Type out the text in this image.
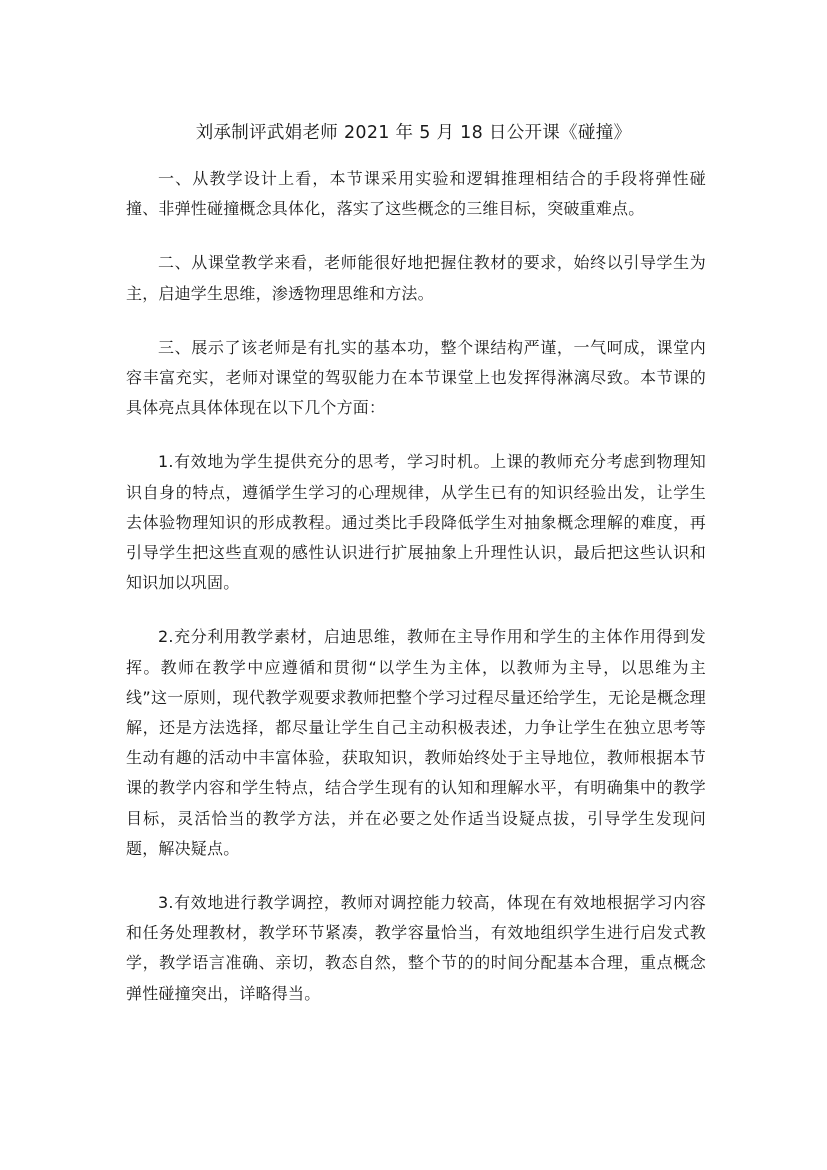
刘承制评武娟老师 2021 年 5 月 18 日公开课《碰撞》

一、从教学设计上看，本节课采用实验和逻辑推理相结合的手段将弹性碰撞、非弹性碰撞概念具体化，落实了这些概念的三维目标，突破重难点。

二、从课堂教学来看，老师能很好地把握住教材的要求，始终以引导学生为主，启迪学生思维，渗透物理思维和方法。

三、展示了该老师是有扎实的基本功，整个课结构严谨，一气呵成，课堂内容丰富充实，老师对课堂的驾驭能力在本节课堂上也发挥得淋漓尽致。本节课的具体亮点具体体现在以下几个方面：

1.有效地为学生提供充分的思考，学习时机。上课的教师充分考虑到物理知识自身的特点，遵循学生学习的心理规律，从学生已有的知识经验出发，让学生去体验物理知识的形成教程。通过类比手段降低学生对抽象概念理解的难度，再引导学生把这些直观的感性认识进行扩展抽象上升理性认识，最后把这些认识和知识加以巩固。

2.充分利用教学素材，启迪思维，教师在主导作用和学生的主体作用得到发挥。教师在教学中应遵循和贯彻“以学生为主体，以教师为主导，以思维为主线”这一原则，现代教学观要求教师把整个学习过程尽量还给学生，无论是概念理解，还是方法选择，都尽量让学生自己主动积极表述，力争让学生在独立思考等生动有趣的活动中丰富体验，获取知识，教师始终处于主导地位，教师根据本节课的教学内容和学生特点，结合学生现有的认知和理解水平，有明确集中的教学目标，灵活恰当的教学方法，并在必要之处作适当设疑点拔，引导学生发现问题，解决疑点。

3.有效地进行教学调控，教师对调控能力较高，体现在有效地根据学习内容和任务处理教材，教学环节紧凑，教学容量恰当，有效地组织学生进行启发式教学，教学语言准确、亲切，教态自然，整个节的的时间分配基本合理，重点概念弹性碰撞突出，详略得当。
